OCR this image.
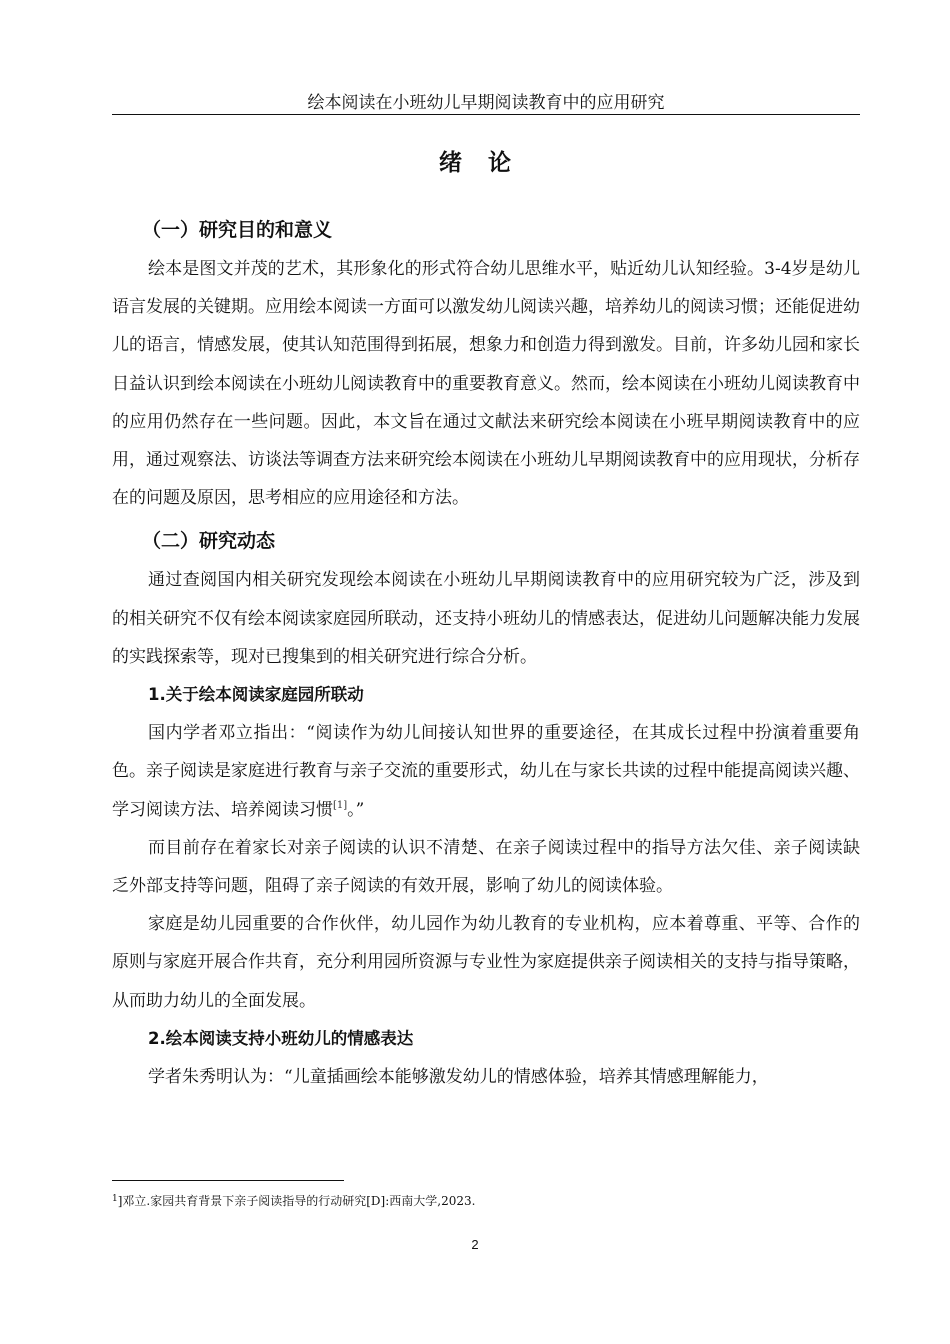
绘本阅读在小班幼儿早期阅读教育中的应用研究
绪论
（一）研究目的和意义

绘本是图文并茂的艺术，其形象化的形式符合幼儿思维水平，贴近幼儿认知经验。3-4岁是幼儿语言发展的关键期。应用绘本阅读一方面可以激发幼儿阅读兴趣，培养幼儿的阅读习惯；还能促进幼儿的语言，情感发展，使其认知范围得到拓展，想象力和创造力得到激发。目前，许多幼儿园和家长日益认识到绘本阅读在小班幼儿阅读教育中的重要教育意义。然而，绘本阅读在小班幼儿阅读教育中的应用仍然存在一些问题。因此，本文旨在通过文献法来研究绘本阅读在小班早期阅读教育中的应用，通过观察法、访谈法等调查方法来研究绘本阅读在小班幼儿早期阅读教育中的应用现状，分析存在的问题及原因，思考相应的应用途径和方法。

（二）研究动态

通过查阅国内相关研究发现绘本阅读在小班幼儿早期阅读教育中的应用研究较为广泛，涉及到的相关研究不仅有绘本阅读家庭园所联动，还支持小班幼儿的情感表达，促进幼儿问题解决能力发展的实践探索等，现对已搜集到的相关研究进行综合分析。

1.关于绘本阅读家庭园所联动

国内学者邓立指出：“阅读作为幼儿间接认知世界的重要途径，在其成长过程中扮演着重要角色。亲子阅读是家庭进行教育与亲子交流的重要形式，幼儿在与家长共读的过程中能提高阅读兴趣、学习阅读方法、培养阅读习惯[1]。”

而目前存在着家长对亲子阅读的认识不清楚、在亲子阅读过程中的指导方法欠佳、亲子阅读缺乏外部支持等问题，阻碍了亲子阅读的有效开展，影响了幼儿的阅读体验。

家庭是幼儿园重要的合作伙伴，幼儿园作为幼儿教育的专业机构，应本着尊重、平等、合作的原则与家庭开展合作共育，充分利用园所资源与专业性为家庭提供亲子阅读相关的支持与指导策略，从而助力幼儿的全面发展。

2.绘本阅读支持小班幼儿的情感表达

学者朱秀明认为：“儿童插画绘本能够激发幼儿的情感体验，培养其情感理解能力，

$^1$]邓立.家园共育背景下亲子阅读指导的行动研究[D]:西南大学,2023.
2
